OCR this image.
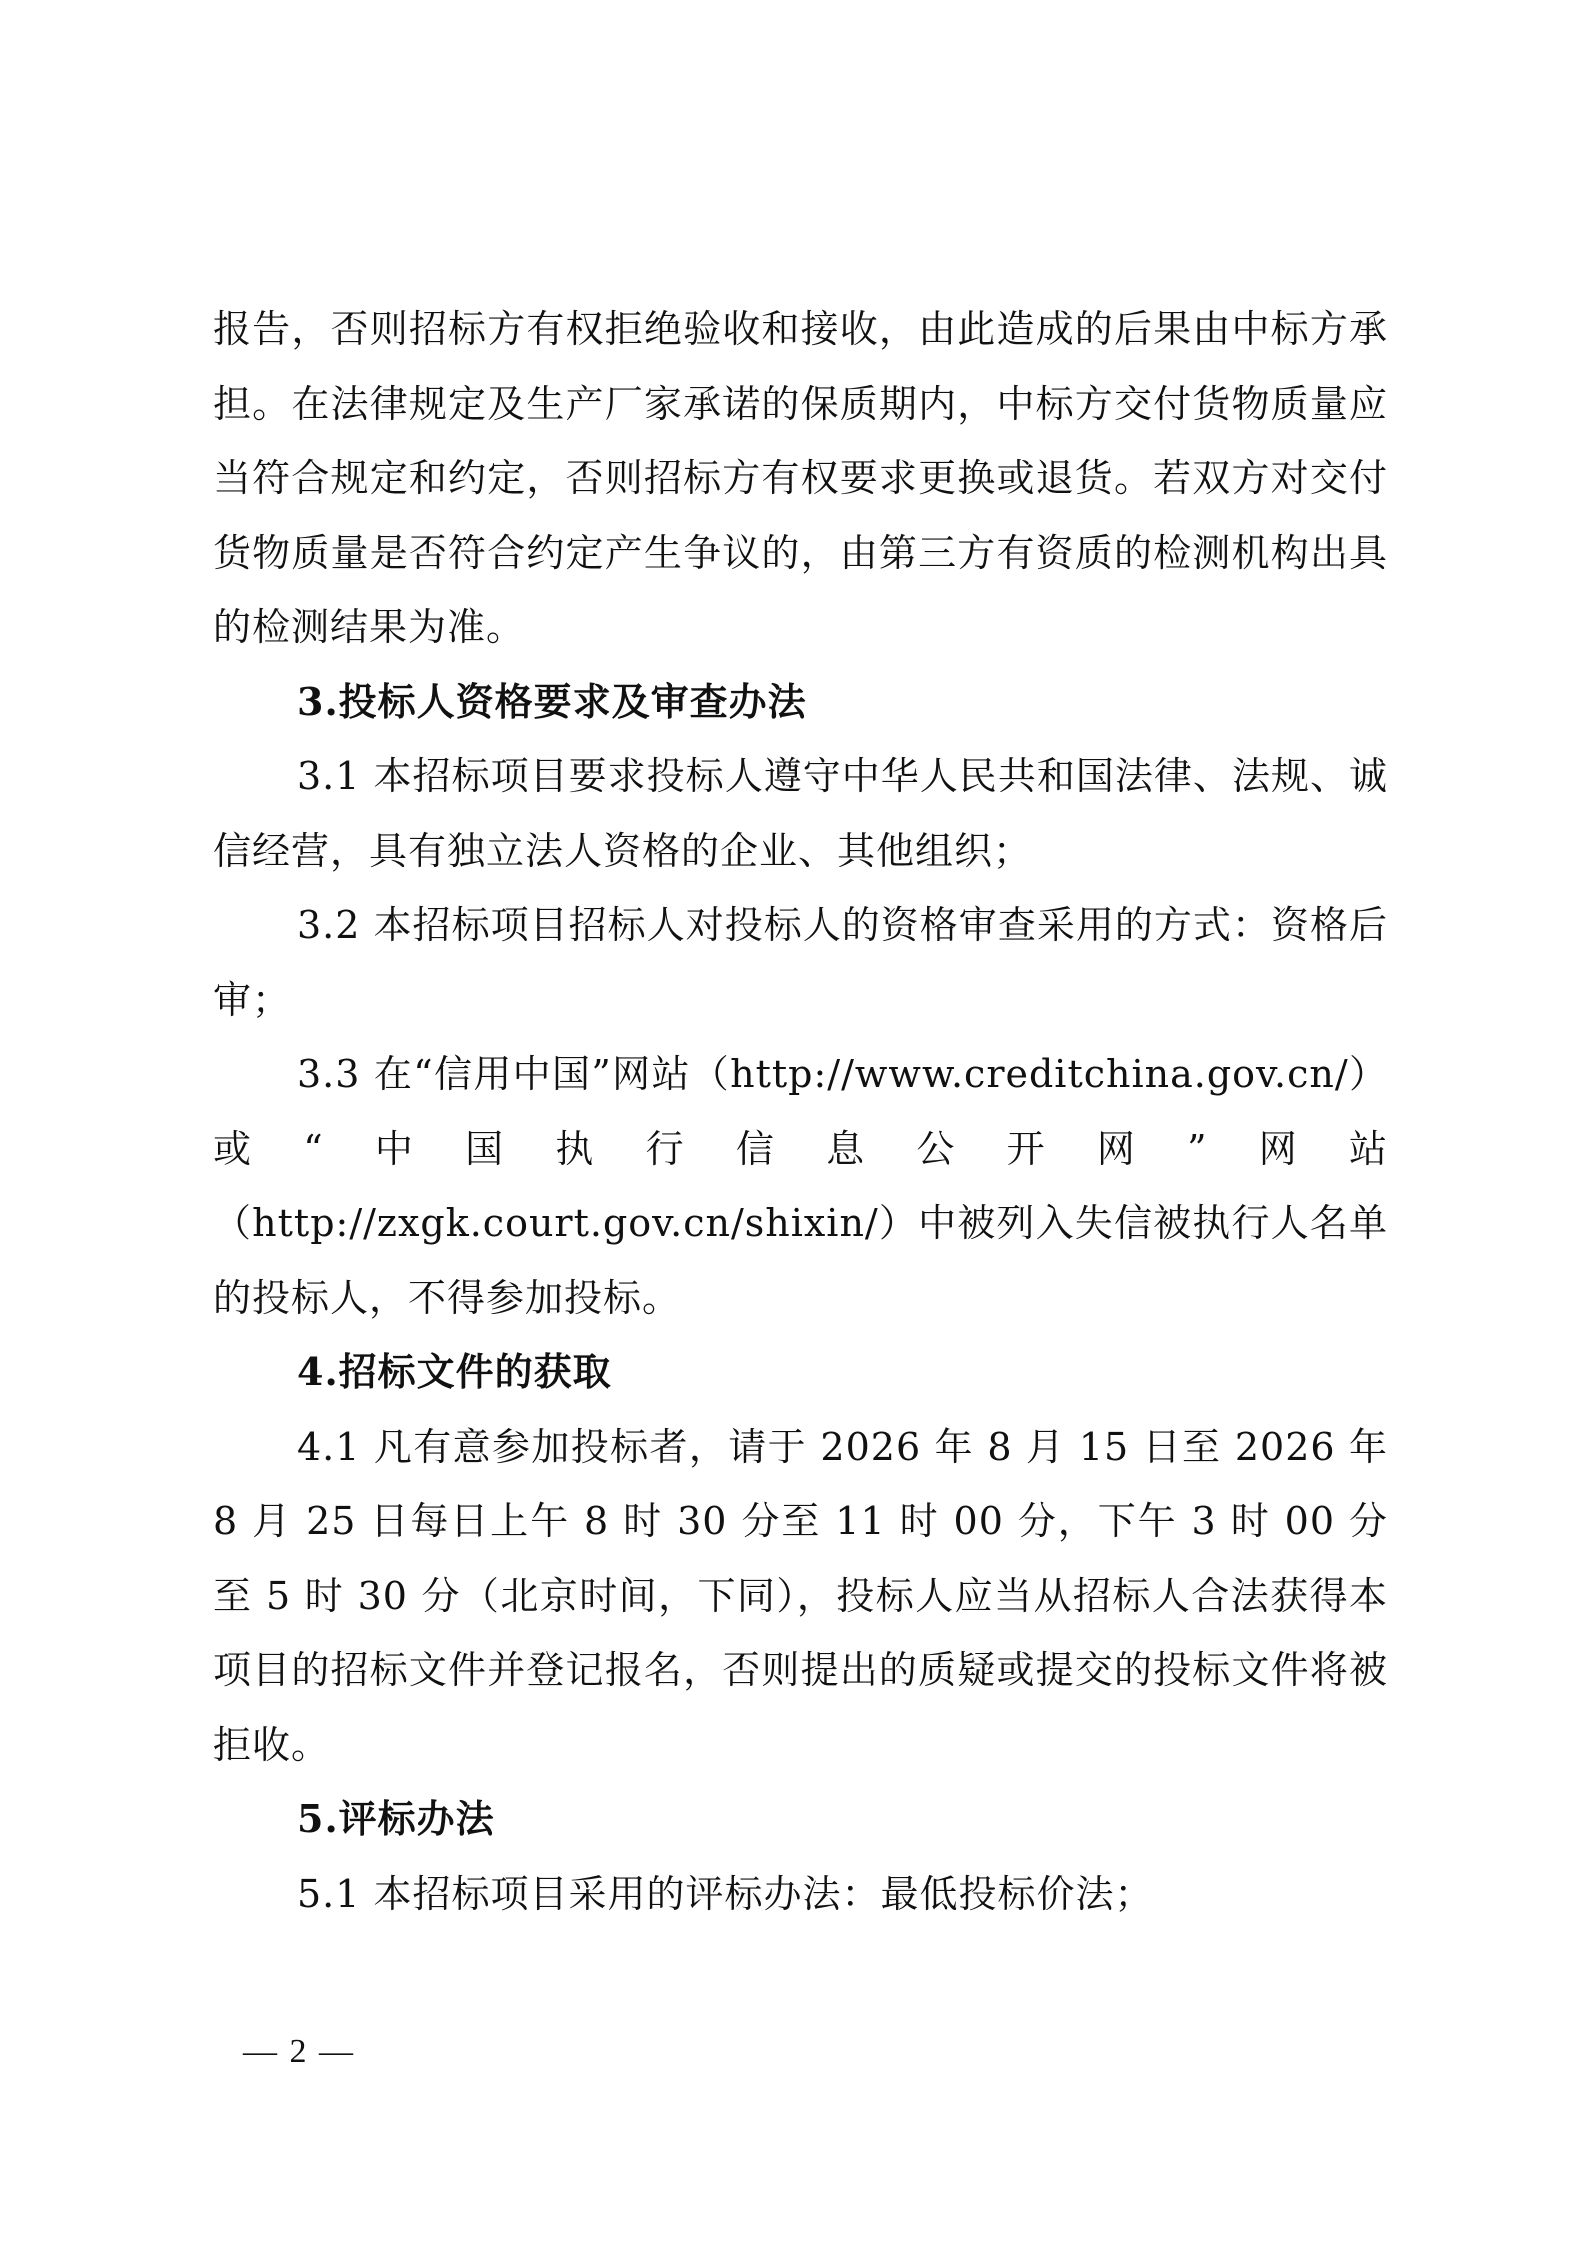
报告，否则招标方有权拒绝验收和接收，由此造成的后果由中标方承担。在法律规定及生产厂家承诺的保质期内，中标方交付货物质量应当符合规定和约定，否则招标方有权要求更换或退货。若双方对交付货物质量是否符合约定产生争议的，由第三方有资质的检测机构出具的检测结果为准。

3.投标人资格要求及审查办法

3.1 本招标项目要求投标人遵守中华人民共和国法律、法规、诚信经营，具有独立法人资格的企业、其他组织；

3.2 本招标项目招标人对投标人的资格审查采用的方式：资格后审；

3.3 在“信用中国”网站（http://www.creditchina.gov.cn/）或“中国执行信息公开网”网站（http://zxgk.court.gov.cn/shixin/）中被列入失信被执行人名单的投标人，不得参加投标。

4.招标文件的获取

4.1 凡有意参加投标者，请于 2026 年 8 月 15 日至 2026 年 8 月 25 日每日上午 8 时 30 分至 11 时 00 分，下午 3 时 00 分至 5 时 30 分（北京时间，下同），投标人应当从招标人合法获得本项目的招标文件并登记报名，否则提出的质疑或提交的投标文件将被拒收。

5.评标办法

5.1 本招标项目采用的评标办法：最低投标价法；

— 2 —
